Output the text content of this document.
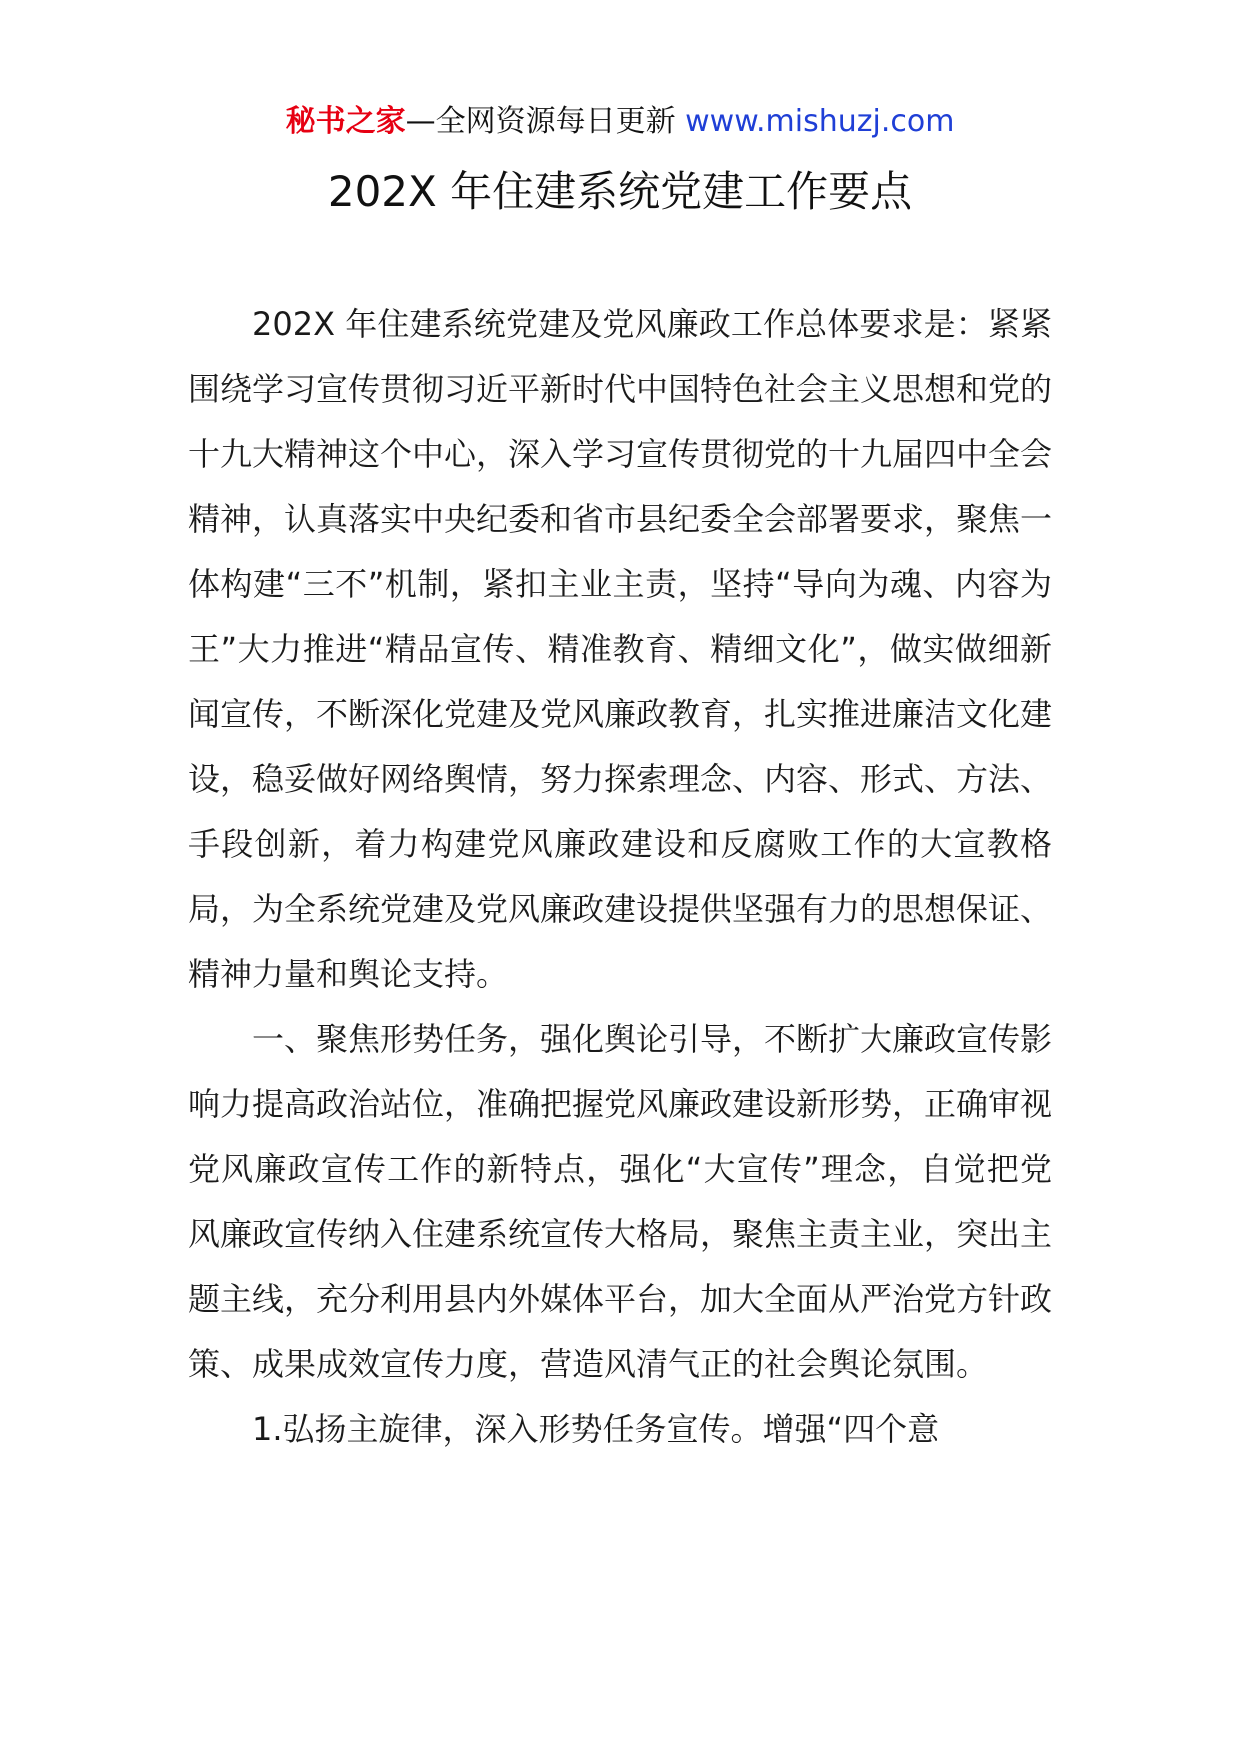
秘书之家—全网资源每日更新 www.mishuzj.com
202X 年住建系统党建工作要点

202X 年住建系统党建及党风廉政工作总体要求是：紧紧围绕学习宣传贯彻习近平新时代中国特色社会主义思想和党的十九大精神这个中心，深入学习宣传贯彻党的十九届四中全会精神，认真落实中央纪委和省市县纪委全会部署要求，聚焦一体构建“三不”机制，紧扣主业主责，坚持“导向为魂、内容为王”大力推进“精品宣传、精准教育、精细文化”，做实做细新闻宣传，不断深化党建及党风廉政教育，扎实推进廉洁文化建设，稳妥做好网络舆情，努力探索理念、内容、形式、方法、手段创新，着力构建党风廉政建设和反腐败工作的大宣教格局，为全系统党建及党风廉政建设提供坚强有力的思想保证、精神力量和舆论支持。

一、聚焦形势任务，强化舆论引导，不断扩大廉政宣传影响力提高政治站位，准确把握党风廉政建设新形势，正确审视党风廉政宣传工作的新特点，强化“大宣传”理念，自觉把党风廉政宣传纳入住建系统宣传大格局，聚焦主责主业，突出主题主线，充分利用县内外媒体平台，加大全面从严治党方针政策、成果成效宣传力度，营造风清气正的社会舆论氛围。

1.弘扬主旋律，深入形势任务宣传。增强“四个意
